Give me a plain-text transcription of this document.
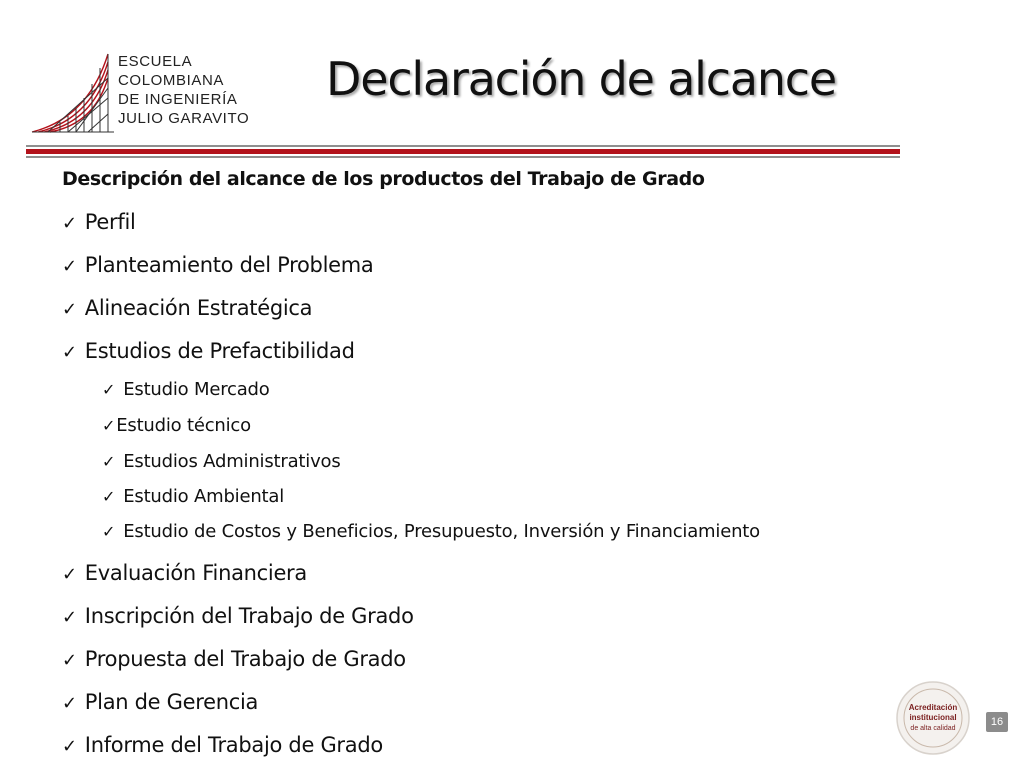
ESCUELA
COLOMBIANA
DE INGENIERÍA
JULIO GARAVITO
Declaración de alcance
Descripción del alcance de los productos del Trabajo de Grado
✓ Perfil
✓ Planteamiento del Problema
✓ Alineación Estratégica
✓ Estudios de Prefactibilidad
✓ Estudio Mercado
✓Estudio técnico
✓ Estudios Administrativos
✓ Estudio Ambiental
✓ Estudio de Costos y Beneficios, Presupuesto, Inversión y Financiamiento
✓ Evaluación Financiera
✓ Inscripción del Trabajo de Grado
✓ Propuesta del Trabajo de Grado
✓ Plan de Gerencia
✓ Informe del Trabajo de Grado
Acreditación
institucional
de alta calidad
16
